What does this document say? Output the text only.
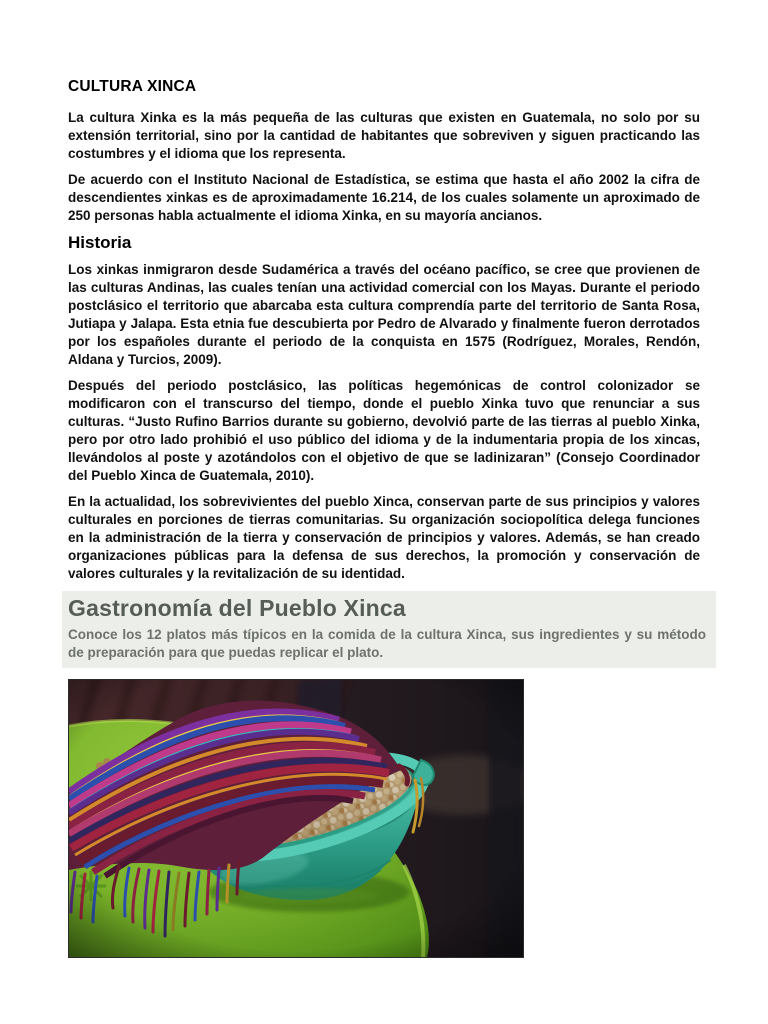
CULTURA XINCA

La cultura Xinka es la más pequeña de las culturas que existen en Guatemala, no solo por su extensión territorial, sino por la cantidad de habitantes que sobreviven y siguen practicando las costumbres y el idioma que los representa.

De acuerdo con el Instituto Nacional de Estadística, se estima que hasta el año 2002 la cifra de descendientes xinkas es de aproximadamente 16.214, de los cuales solamente un aproximado de 250 personas habla actualmente el idioma Xinka, en su mayoría ancianos.

Historia

Los xinkas inmigraron desde Sudamérica a través del océano pacífico, se cree que provienen de las culturas Andinas, las cuales tenían una actividad comercial con los Mayas. Durante el periodo postclásico el territorio que abarcaba esta cultura comprendía parte del territorio de Santa Rosa, Jutiapa y Jalapa. Esta etnia fue descubierta por Pedro de Alvarado y finalmente fueron derrotados por los españoles durante el periodo de la conquista en 1575 (Rodríguez, Morales, Rendón, Aldana y Turcios, 2009).

Después del periodo postclásico, las políticas hegemónicas de control colonizador se modificaron con el transcurso del tiempo, donde el pueblo Xinka tuvo que renunciar a sus culturas. “Justo Rufino Barrios durante su gobierno, devolvió parte de las tierras al pueblo Xinka, pero por otro lado prohibió el uso público del idioma y de la indumentaria propia de los xincas, llevándolos al poste y azotándolos con el objetivo de que se ladinizaran” (Consejo Coordinador del Pueblo Xinca de Guatemala, 2010).

En la actualidad, los sobrevivientes del pueblo Xinca, conservan parte de sus principios y valores culturales en porciones de tierras comunitarias. Su organización sociopolítica delega funciones en la administración de la tierra y conservación de principios y valores. Además, se han creado organizaciones públicas para la defensa de sus derechos, la promoción y conservación de valores culturales y la revitalización de su identidad.

Gastronomía del Pueblo Xinca

Conoce los 12 platos más típicos en la comida de la cultura Xinca, sus ingredientes y su método de preparación para que puedas replicar el plato.
